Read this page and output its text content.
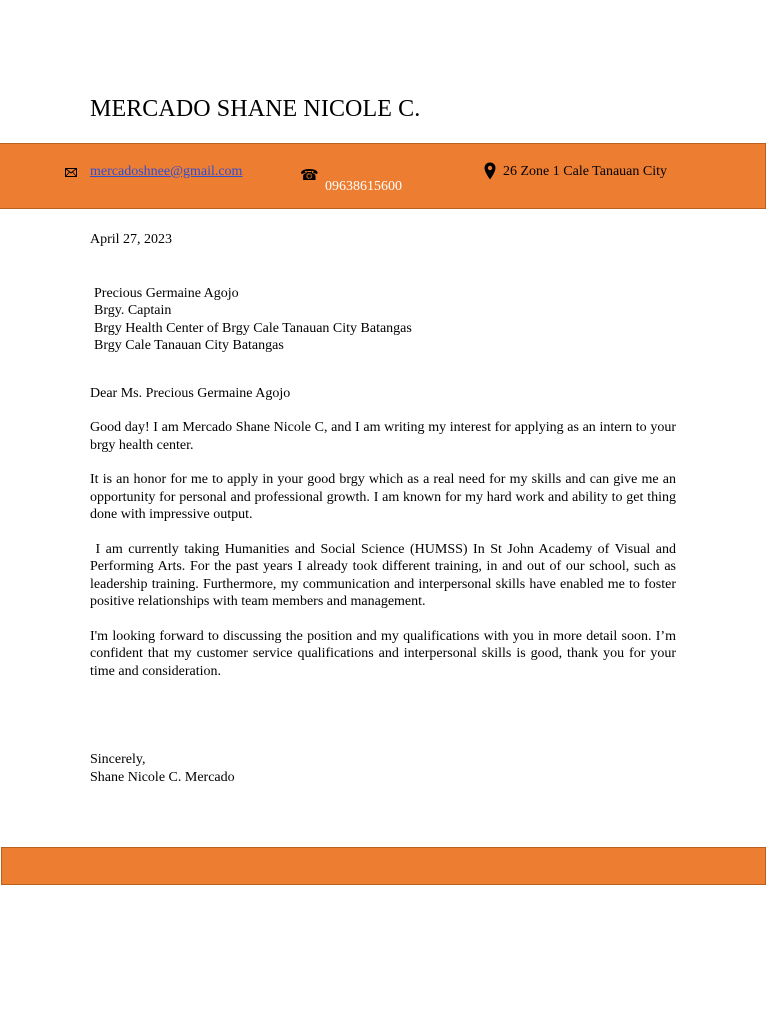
MERCADO SHANE NICOLE C.
mercadoshnee@gmail.com	☎
09638615600
26 Zone 1 Cale Tanauan City
April 27, 2023
Precious Germaine Agojo
Brgy. Captain
Brgy Health Center of Brgy Cale Tanauan City Batangas
Brgy Cale Tanauan City Batangas
Dear Ms. Precious Germaine Agojo
Good day! I am Mercado Shane Nicole C, and I am writing my interest for applying as an intern to your brgy health center.
It is an honor for me to apply in your good brgy which as a real need for my skills and can give me an opportunity for personal and professional growth. I am known for my hard work and ability to get thing done with impressive output.
I am currently taking Humanities and Social Science (HUMSS) In St John Academy of Visual and Performing Arts. For the past years I already took different training, in and out of our school, such as leadership training. Furthermore, my communication and interpersonal skills have enabled me to foster positive relationships with team members and management.
I'm looking forward to discussing the position and my qualifications with you in more detail soon. I’m confident that my customer service qualifications and interpersonal skills is good, thank you for your time and consideration.
Sincerely,
Shane Nicole C. Mercado
